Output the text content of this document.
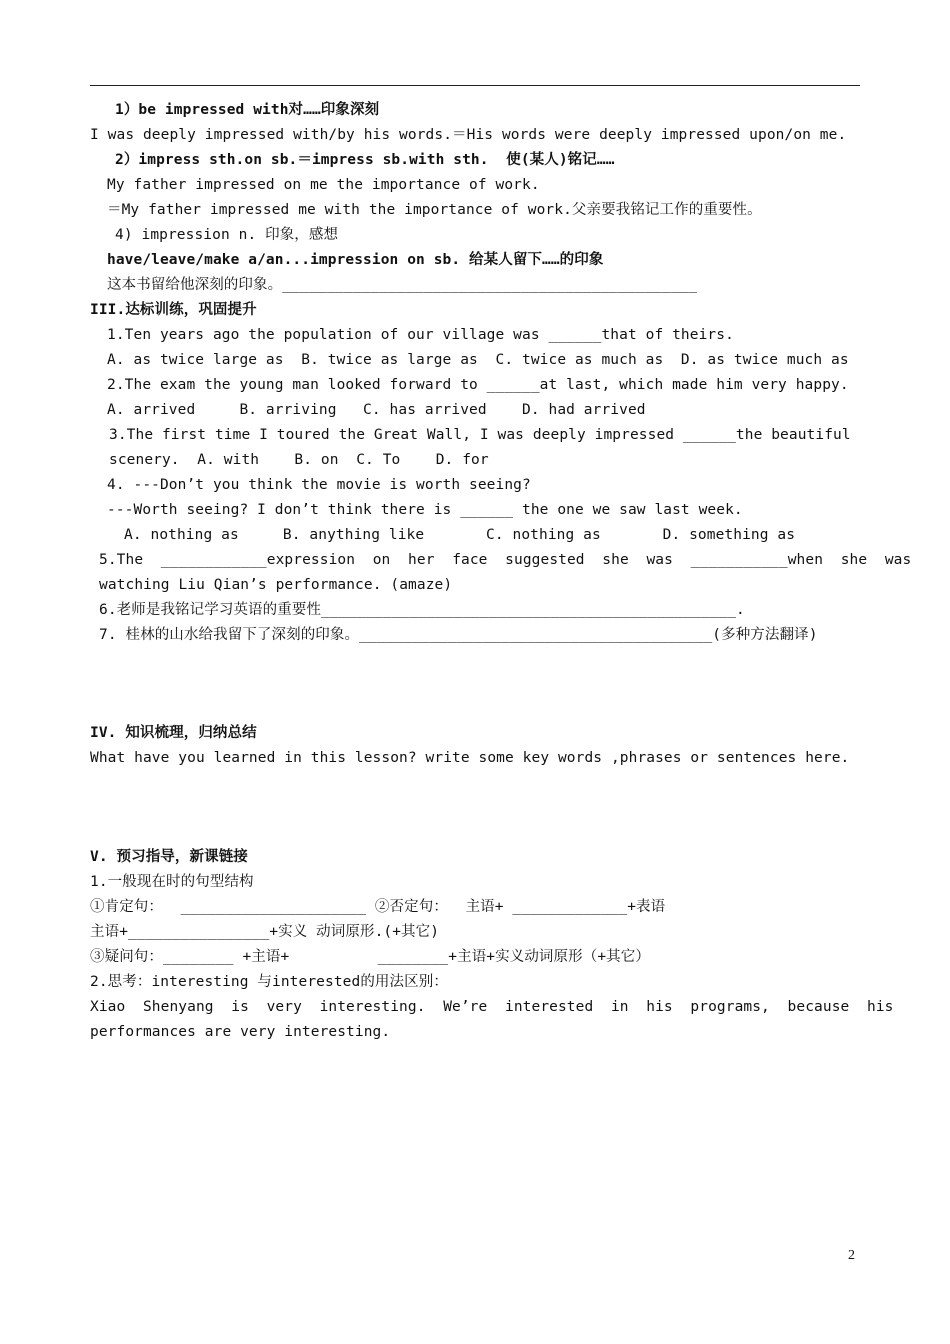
1）be impressed with对……印象深刻
I was deeply impressed with/by his words.＝His words were deeply impressed upon/on me.
2）impress sth.on sb.＝impress sb.with sth.  使(某人)铭记……
My father impressed on me the importance of work.
＝My father impressed me with the importance of work.父亲要我铭记工作的重要性。
4) impression n. 印象，感想
have/leave/make a/an...impression on sb. 给某人留下……的印象
这本书留给他深刻的印象。_______________________________________________
III.达标训练，巩固提升
1.Ten years ago the population of our village was ______that of theirs.
A. as twice large as  B. twice as large as  C. twice as much as  D. as twice much as
2.The exam the young man looked forward to ______at last, which made him very happy.
A. arrived     B. arriving   C. has arrived    D. had arrived
3.The first time I toured the Great Wall, I was deeply impressed ______the beautiful
scenery.  A. with    B. on  C. To    D. for
4. ---Don’t you think the movie is worth seeing?
---Worth seeing? I don’t think there is ______ the one we saw last week.
A. nothing as     B. anything like       C. nothing as       D. something as
5.The  ____________expression  on  her  face  suggested  she  was  ___________when  she  was
watching Liu Qian’s performance. (amaze)
6.老师是我铭记学习英语的重要性_______________________________________________.
7. 桂林的山水给我留下了深刻的印象。________________________________________(多种方法翻译)
IV. 知识梳理，归纳总结
What have you learned in this lesson? write some key words ,phrases or sentences here.
V. 预习指导，新课链接
1.一般现在时的句型结构
①肯定句：  _____________________ ②否定句：  主语+ _____________+表语
主语+________________+实义 动词原形.(+其它)
③疑问句：________ +主语+          ________+主语+实义动词原形（+其它）
2.思考：interesting 与interested的用法区别：
Xiao  Shenyang  is  very  interesting.  We’re  interested  in  his  programs,  because  his
performances are very interesting.
2
